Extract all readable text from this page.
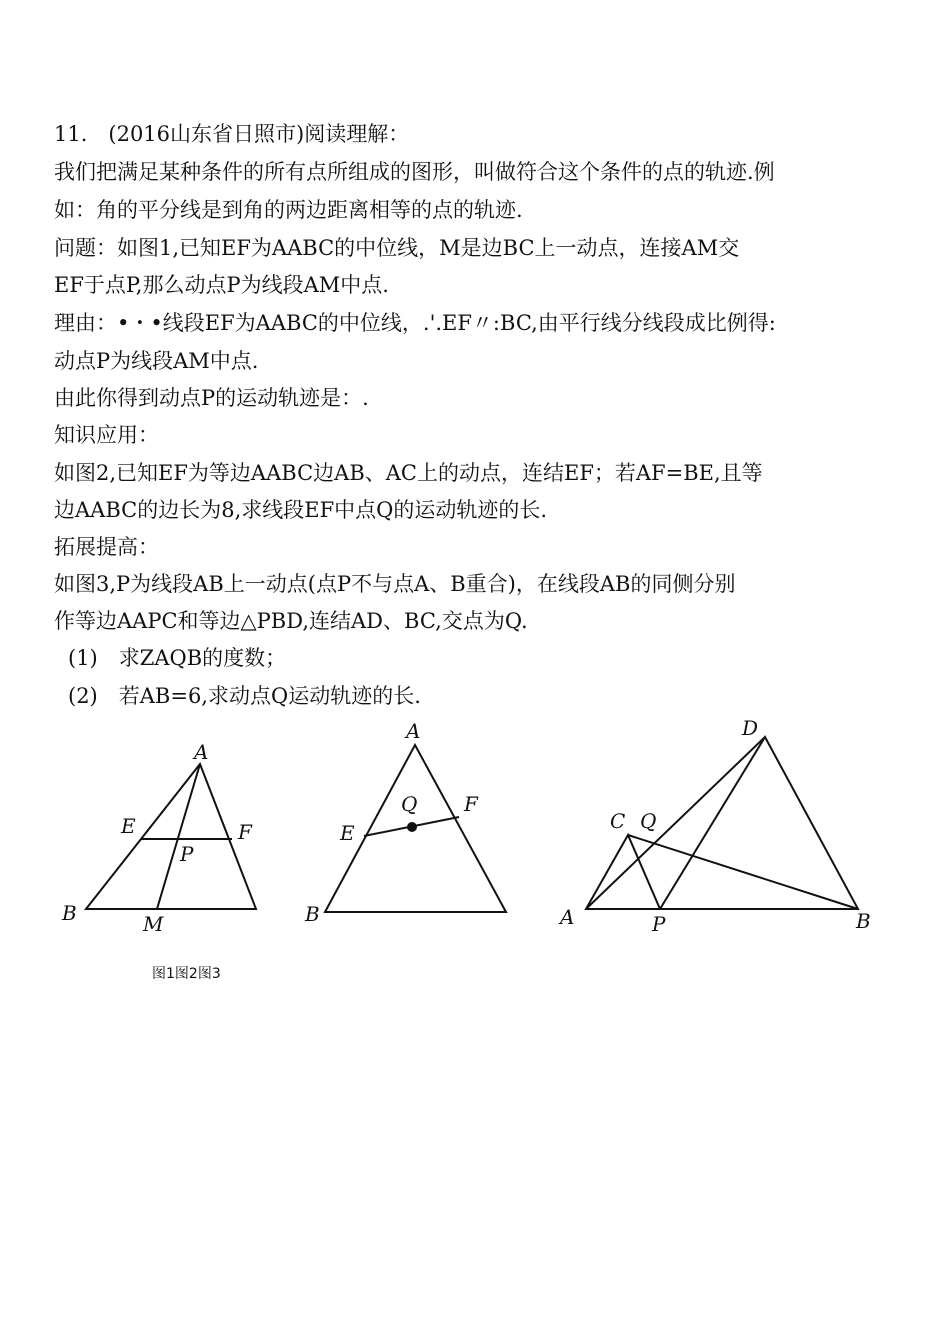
11.　(2016山东省日照市)阅读理解：
我们把满足某种条件的所有点所组成的图形，叫做符合这个条件的点的轨迹.例
如：角的平分线是到角的两边距离相等的点的轨迹.
问题：如图1,已知EF为AABC的中位线，M是边BC上一动点，连接AM交
EF于点P,那么动点P为线段AM中点.
理由：•・•线段EF为AABC的中位线，.'.EF〃:BC,由平行线分线段成比例得:
动点P为线段AM中点.
由此你得到动点P的运动轨迹是：.
知识应用：
如图2,已知EF为等边AABC边AB、AC上的动点，连结EF；若AF=BE,且等
边AABC的边长为8,求线段EF中点Q的运动轨迹的长.
拓展提高：
如图3,P为线段AB上一动点(点P不与点A、B重合)，在线段AB的同侧分别
作等边AAPC和等边△PBD,连结AD、BC,交点为Q.
(1)　求ZAQB的度数；
(2)　若AB=6,求动点Q运动轨迹的长.
A
B
E	F
P
M
A
B
E
F
Q
A	B
C
D
P
Q
图1图2图3
